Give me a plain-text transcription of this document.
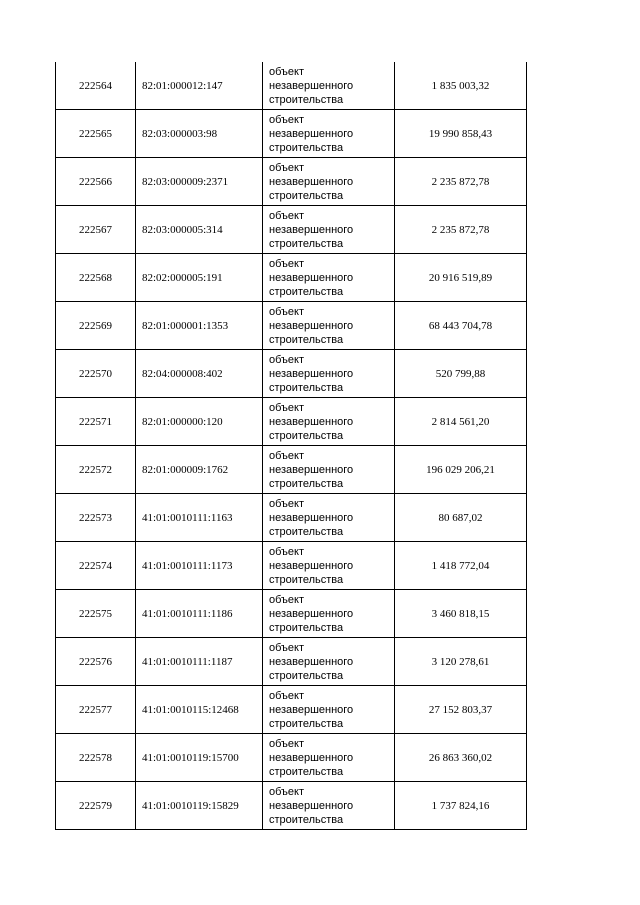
222564	82:01:000012:147	объект
незавершенного
строительства	1 835 003,32
222565	82:03:000003:98	объект
незавершенного
строительства	19 990 858,43
222566	82:03:000009:2371	объект
незавершенного
строительства	2 235 872,78
222567	82:03:000005:314	объект
незавершенного
строительства	2 235 872,78
222568	82:02:000005:191	объект
незавершенного
строительства	20 916 519,89
222569	82:01:000001:1353	объект
незавершенного
строительства	68 443 704,78
222570	82:04:000008:402	объект
незавершенного
строительства	520 799,88
222571	82:01:000000:120	объект
незавершенного
строительства	2 814 561,20
222572	82:01:000009:1762	объект
незавершенного
строительства	196 029 206,21
222573	41:01:0010111:1163	объект
незавершенного
строительства	80 687,02
222574	41:01:0010111:1173	объект
незавершенного
строительства	1 418 772,04
222575	41:01:0010111:1186	объект
незавершенного
строительства	3 460 818,15
222576	41:01:0010111:1187	объект
незавершенного
строительства	3 120 278,61
222577	41:01:0010115:12468	объект
незавершенного
строительства	27 152 803,37
222578	41:01:0010119:15700	объект
незавершенного
строительства	26 863 360,02
222579	41:01:0010119:15829	объект
незавершенного
строительства	1 737 824,16
